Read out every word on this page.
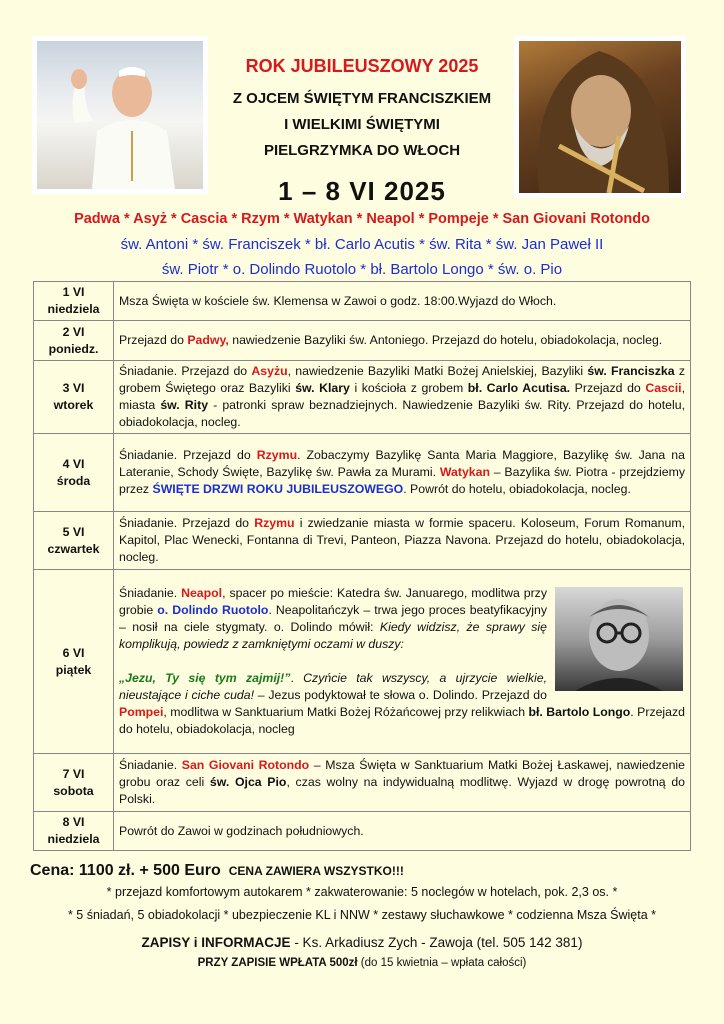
ROK JUBILEUSZOWY 2025
Z OJCEM ŚWIĘTYM FRANCISZKIEM
I WIELKIMI ŚWIĘTYMI
PIELGRZYMKA DO WŁOCH
1 – 8 VI 2025
Padwa * Asyż * Cascia * Rzym * Watykan * Neapol * Pompeje * San Giovani Rotondo
św. Antoni * św. Franciszek * bł. Carlo Acutis * św. Rita * św. Jan Paweł II
św. Piotr * o. Dolindo Ruotolo * bł. Bartolo Longo * św. o. Pio
1 VI
niedziela	Msza Święta w kościele św. Klemensa w Zawoi o godz. 18:00.Wyjazd do Włoch.
2 VI
poniedz.	Przejazd do Padwy, nawiedzenie Bazyliki św. Antoniego. Przejazd do hotelu, obiadokolacja, nocleg.
3 VI
wtorek	Śniadanie. Przejazd do Asyżu, nawiedzenie Bazyliki Matki Bożej Anielskiej, Bazyliki św. Franciszka z grobem Świętego oraz Bazyliki św. Klary i kościoła z grobem bł. Carlo Acutisa. Przejazd do Cascii, miasta św. Rity - patronki spraw beznadziejnych. Nawiedzenie Bazyliki św. Rity. Przejazd do hotelu, obiadokolacja, nocleg.
4 VI
środa	Śniadanie. Przejazd do Rzymu. Zobaczymy Bazylikę Santa Maria Maggiore, Bazylikę św. Jana na Lateranie, Schody Święte, Bazylikę św. Pawła za Murami. Watykan – Bazylika św. Piotra - przejdziemy przez ŚWIĘTE DRZWI ROKU JUBILEUSZOWEGO. Powrót do hotelu, obiadokolacja, nocleg.
5 VI
czwartek	Śniadanie. Przejazd do Rzymu i zwiedzanie miasta w formie spaceru. Koloseum, Forum Romanum, Kapitol, Plac Wenecki, Fontanna di Trevi, Panteon, Piazza Navona. Przejazd do hotelu, obiadokolacja, nocleg.
6 VI
piątek	Śniadanie. Neapol, spacer po mieście: Katedra św. Januarego, modlitwa przy grobie o. Dolindo Ruotolo. Neapolitańczyk – trwa jego proces beatyfikacyjny – nosił na ciele stygmaty. o. Dolindo mówił: Kiedy widzisz, że sprawy się komplikują, powiedz z zamkniętymi oczami w duszy:

„Jezu, Ty się tym zajmij!”. Czyńcie tak wszyscy, a ujrzycie wielkie, nieustające i ciche cuda! – Jezus podyktował te słowa o. Dolindo. Przejazd do Pompei, modlitwa w Sanktuarium Matki Bożej Różańcowej przy relikwiach bł. Bartolo Longo. Przejazd do hotelu, obiadokolacja, nocleg
7 VI
sobota	Śniadanie. San Giovani Rotondo – Msza Święta w Sanktuarium Matki Bożej Łaskawej, nawiedzenie grobu oraz celi św. Ojca Pio, czas wolny na indywidualną modlitwę. Wyjazd w drogę powrotną do Polski.
8 VI
niedziela	Powrót do Zawoi w godzinach południowych.
Cena: 1100 zł. + 500 Euro CENA ZAWIERA WSZYSTKO!!!
* przejazd komfortowym autokarem * zakwaterowanie: 5 noclegów w hotelach, pok. 2,3 os. *
* 5 śniadań, 5 obiadokolacji * ubezpieczenie KL i NNW * zestawy słuchawkowe * codzienna Msza Święta *
ZAPISY i INFORMACJE - Ks. Arkadiusz Zych - Zawoja (tel. 505 142 381)
PRZY ZAPISIE WPŁATA 500zł (do 15 kwietnia – wpłata całości)
